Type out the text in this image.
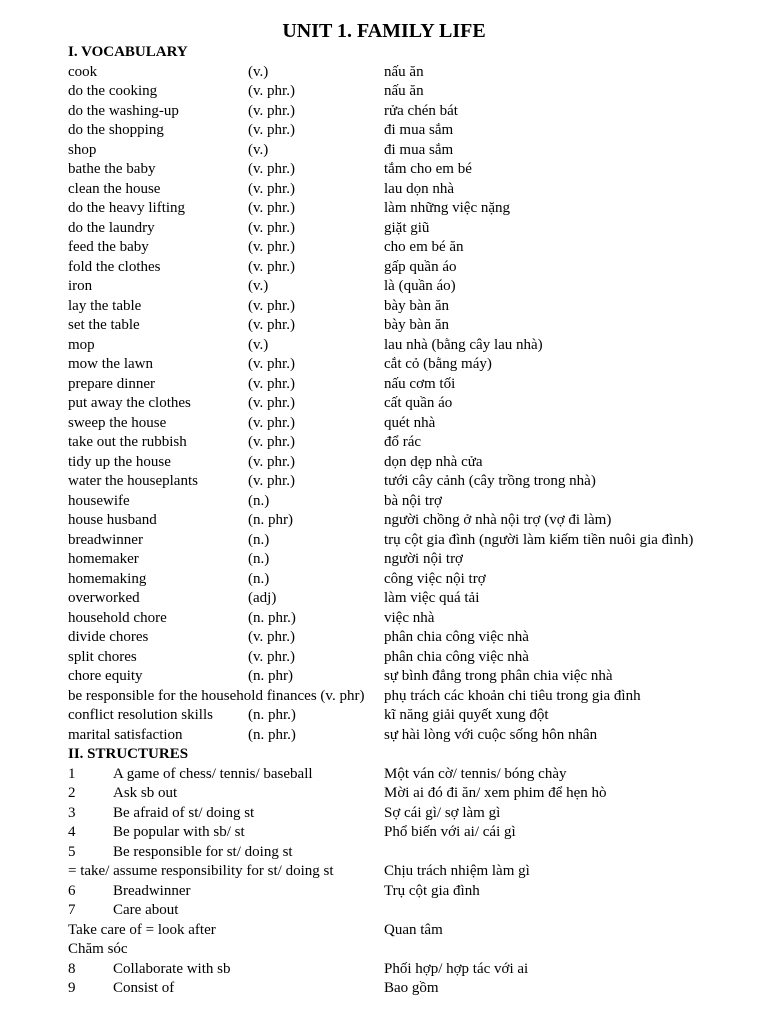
UNIT 1. FAMILY LIFE
I. VOCABULARY
cook	(v.)	nấu ăn
do the cooking	(v. phr.)	nấu ăn
do the washing-up	(v. phr.)	rửa chén bát
do the shopping	(v. phr.)	đi mua sắm
shop	(v.)	đi mua sắm
bathe the baby	(v. phr.)	tắm cho em bé
clean the house	(v. phr.)	lau dọn nhà
do the heavy lifting	(v. phr.)	làm những việc nặng
do the laundry	(v. phr.)	giặt giũ
feed the baby	(v. phr.)	cho em bé ăn
fold the clothes	(v. phr.)	gấp quần áo
iron	(v.)	là (quần áo)
lay the table	(v. phr.)	bày bàn ăn
set the table	(v. phr.)	bày bàn ăn
mop	(v.)	lau nhà (bằng cây lau nhà)
mow the lawn	(v. phr.)	cắt cỏ (bằng máy)
prepare dinner	(v. phr.)	nấu cơm tối
put away the clothes	(v. phr.)	cất quần áo
sweep the house	(v. phr.)	quét nhà
take out the rubbish	(v. phr.)	đổ rác
tidy up the house	(v. phr.)	dọn dẹp nhà cửa
water the houseplants	(v. phr.)	tưới cây cảnh (cây trồng trong nhà)
housewife	(n.)	bà nội trợ
house husband	(n. phr)	người chồng ở nhà nội trợ (vợ đi làm)
breadwinner	(n.)	trụ cột gia đình (người làm kiếm tiền nuôi gia đình)
homemaker	(n.)	người nội trợ
homemaking	(n.)	công việc nội trợ
overworked	(adj)	làm việc quá tải
household chore	(n. phr.)	việc nhà
divide chores	(v. phr.)	phân chia công việc nhà
split chores	(v. phr.)	phân chia công việc nhà
chore equity	(n. phr)	sự bình đẳng trong phân chia việc nhà
be responsible for the household finances (v. phr) phụ trách các khoản chi tiêu trong gia đình
conflict resolution skills (n. phr.)	kĩ năng giải quyết xung đột
marital satisfaction	(n. phr.)	sự hài lòng với cuộc sống hôn nhân
II. STRUCTURES
1	A game of chess/ tennis/ baseball	Một ván cờ/ tennis/ bóng chày
2	Ask sb out	Mời ai đó đi ăn/ xem phim để hẹn hò
3	Be afraid of st/ doing st	Sợ cái gì/ sợ làm gì
4	Be popular with sb/ st	Phổ biến với ai/ cái gì
5	Be responsible for st/ doing st
= take/ assume responsibility for st/ doing st	Chịu trách nhiệm làm gì
6	Breadwinner	Trụ cột gia đình
7	Care about
Take care of = look after	Quan tâm
Chăm sóc
8	Collaborate with sb	Phối hợp/ hợp tác với ai
9	Consist of	Bao gồm
